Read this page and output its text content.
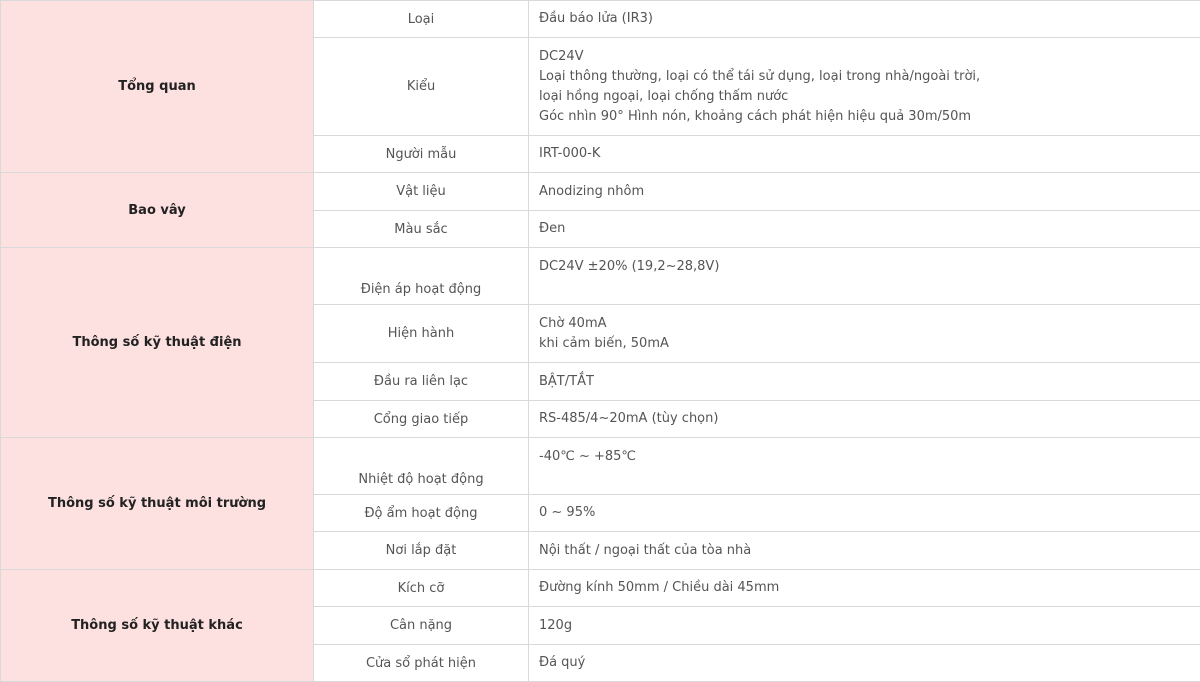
Tổng quan	Loại	Đầu báo lửa (IR3)

	Kiểu	DC24V
Loại thông thường, loại có thể tái sử dụng, loại trong nhà/ngoài trời,
loại hồng ngoại, loại chống thấm nước
Góc nhìn 90° Hình nón, khoảng cách phát hiện hiệu quả 30m/50m

	Người mẫu	IRT-000-K

Bao vây	Vật liệu	Anodizing nhôm

	Màu sắc	Đen

Thông số kỹ thuật điện	Điện áp hoạt động	DC24V ±20% (19,2~28,8V)

	Hiện hành	Chờ 40mA
khi cảm biến, 50mA

	Đầu ra liên lạc	BẬT/TẮT

	Cổng giao tiếp	RS-485/4~20mA (tùy chọn)

Thông số kỹ thuật môi trường	Nhiệt độ hoạt động	-40℃ ~ +85℃

	Độ ẩm hoạt động	0 ~ 95%

	Nơi lắp đặt	Nội thất / ngoại thất của tòa nhà

Thông số kỹ thuật khác	Kích cỡ	Đường kính 50mm / Chiều dài 45mm

	Cân nặng	120g

	Cửa sổ phát hiện	Đá quý
